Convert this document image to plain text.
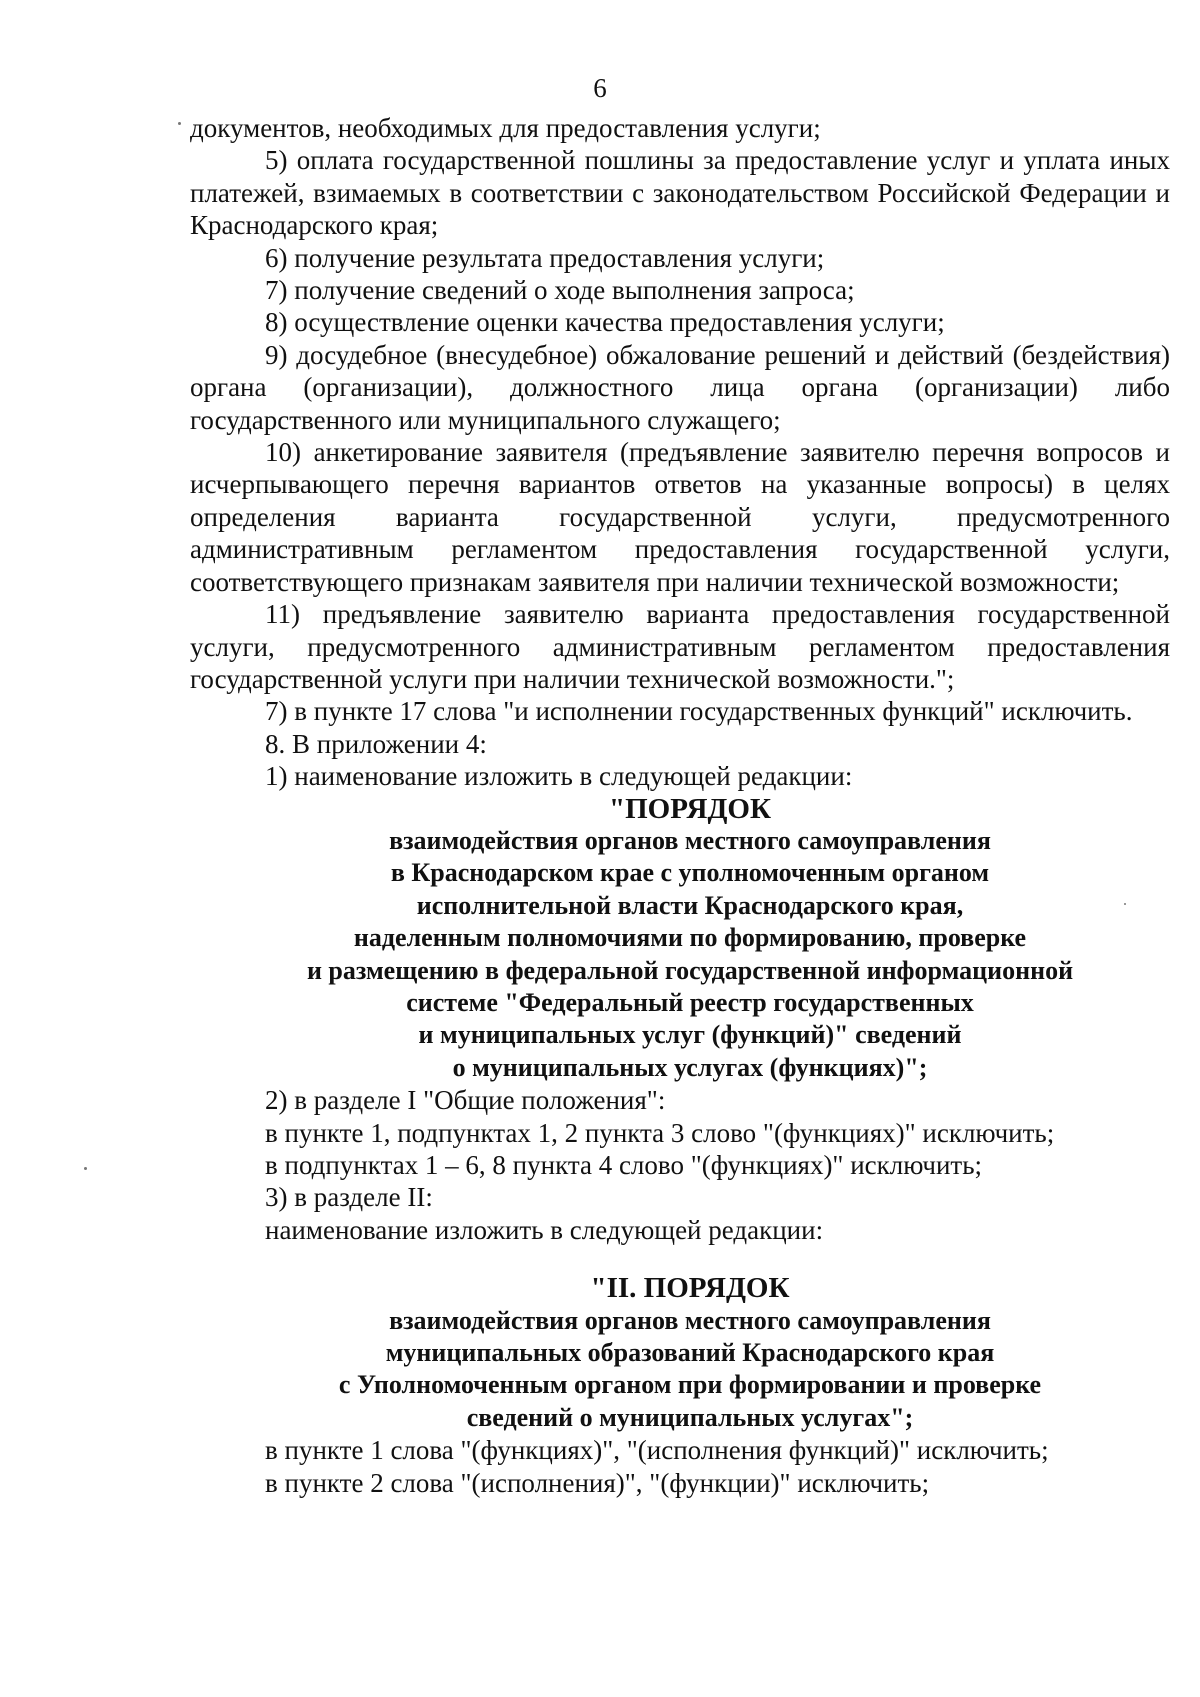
6

документов, необходимых для предоставления услуги;

5) оплата государственной пошлины за предоставление услуг и уплата иных платежей, взимаемых в соответствии с законодательством Российской Федерации и Краснодарского края;

6) получение результата предоставления услуги;

7) получение сведений о ходе выполнения запроса;

8) осуществление оценки качества предоставления услуги;

9) досудебное (внесудебное) обжалование решений и действий (бездействия) органа (организации), должностного лица органа (организации) либо государственного или муниципального служащего;

10) анкетирование заявителя (предъявление заявителю перечня вопросов и исчерпывающего перечня вариантов ответов на указанные вопросы) в целях определения варианта государственной услуги, предусмотренного административным регламентом предоставления государственной услуги, соответствующего признакам заявителя при наличии технической возможности;

11) предъявление заявителю варианта предоставления государственной услуги, предусмотренного административным регламентом предоставления государственной услуги при наличии технической возможности.";

7) в пункте 17 слова "и исполнении государственных функций" исключить.

8. В приложении 4:

1) наименование изложить в следующей редакции:

"ПОРЯДОК

взаимодействия органов местного самоуправления

в Краснодарском крае с уполномоченным органом

исполнительной власти Краснодарского края,

наделенным полномочиями по формированию, проверке

и размещению в федеральной государственной информационной

системе "Федеральный реестр государственных

и муниципальных услуг (функций)" сведений

о муниципальных услугах (функциях)";

2) в разделе I "Общие положения":

в пункте 1, подпунктах 1, 2 пункта 3 слово "(функциях)" исключить;

в подпунктах 1 – 6, 8 пункта 4 слово "(функциях)" исключить;

3) в разделе II:

наименование изложить в следующей редакции:

"II. ПОРЯДОК

взаимодействия органов местного самоуправления

муниципальных образований Краснодарского края

с Уполномоченным органом при формировании и проверке

сведений о муниципальных услугах";

в пункте 1 слова "(функциях)", "(исполнения функций)" исключить;

в пункте 2 слова "(исполнения)", "(функции)" исключить;
